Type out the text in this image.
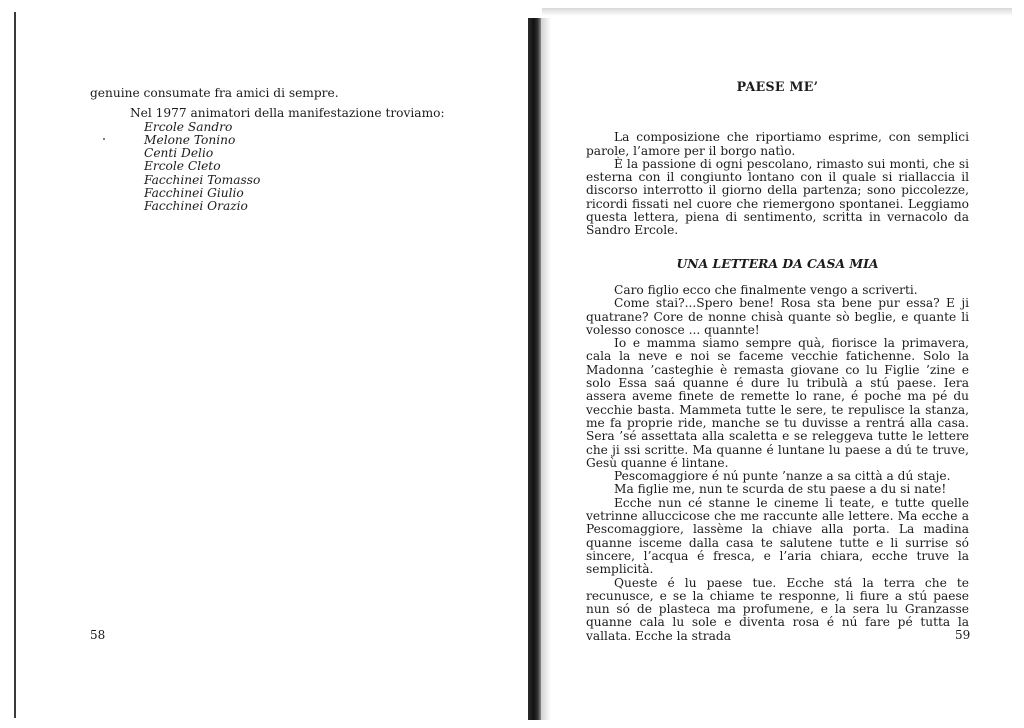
genuine consumate fra amici di sempre.

Nel 1977 animatori della manifestazione troviamo:

Ercole Sandro
Melone Tonino
Centi Delio
Ercole Cleto
Facchinei Tomasso
Facchinei Giulio
Facchinei Orazio
58
PAESE ME’

La composizione che riportiamo esprime, con semplici parole, l’amore per il borgo natìo.

È la passione di ogni pescolano, rimasto sui monti, che si esterna con il congiunto lontano con il quale si riallaccia il discorso interrotto il giorno della partenza; sono piccolezze, ricordi fissati nel cuore che riemergono spontanei. Leggiamo questa lettera, piena di sentimento, scritta in vernacolo da Sandro Ercole.

UNA LETTERA DA CASA MIA

Caro figlio ecco che finalmente vengo a scriverti.

Come stai?...Spero bene! Rosa sta bene pur essa? E ji quatrane? Core de nonne chisà quante sò beglie, e quante li volesso conosce ... quannte!

Io e mamma siamo sempre quà, fiorisce la primavera, cala la neve e noi se faceme vecchie fatichenne. Solo la Madonna ’casteghie è remasta giovane co lu Figlie ’zine e solo Essa saá quanne é dure lu tribulà a stú paese. Iera assera aveme finete de remette lo rane, é poche ma pé du vecchie basta. Mammeta tutte le sere, te repulisce la stanza, me fa proprie ride, manche se tu duvisse a rentrá alla casa. Sera ’sé assettata alla scaletta e se releggeva tutte le lettere che ji ssi scritte. Ma quanne é luntane lu paese a dú te truve, Gesù quanne é lintane.

Pescomaggiore é nú punte ’nanze a sa città a dú staje.

Ma figlie me, nun te scurda de stu paese a du si nate!

Ecche nun cé stanne le cineme li teate, e tutte quelle vetrinne alluccicose che me raccunte alle lettere. Ma ecche a Pescomaggiore, lassème la chiave alla porta. La madina quanne isceme dalla casa te salutene tutte e li surrise só sincere, l’acqua é fresca, e l’aria chiara, ecche truve la semplicità.

Queste é lu paese tue. Ecche stá la terra che te recunusce, e se la chiame te responne, li fiure a stú paese nun só de plasteca ma profumene, e la sera lu Granzasse quanne cala lu sole e diventa rosa é nú fare pé tutta la vallata. Ecche la strada	59
